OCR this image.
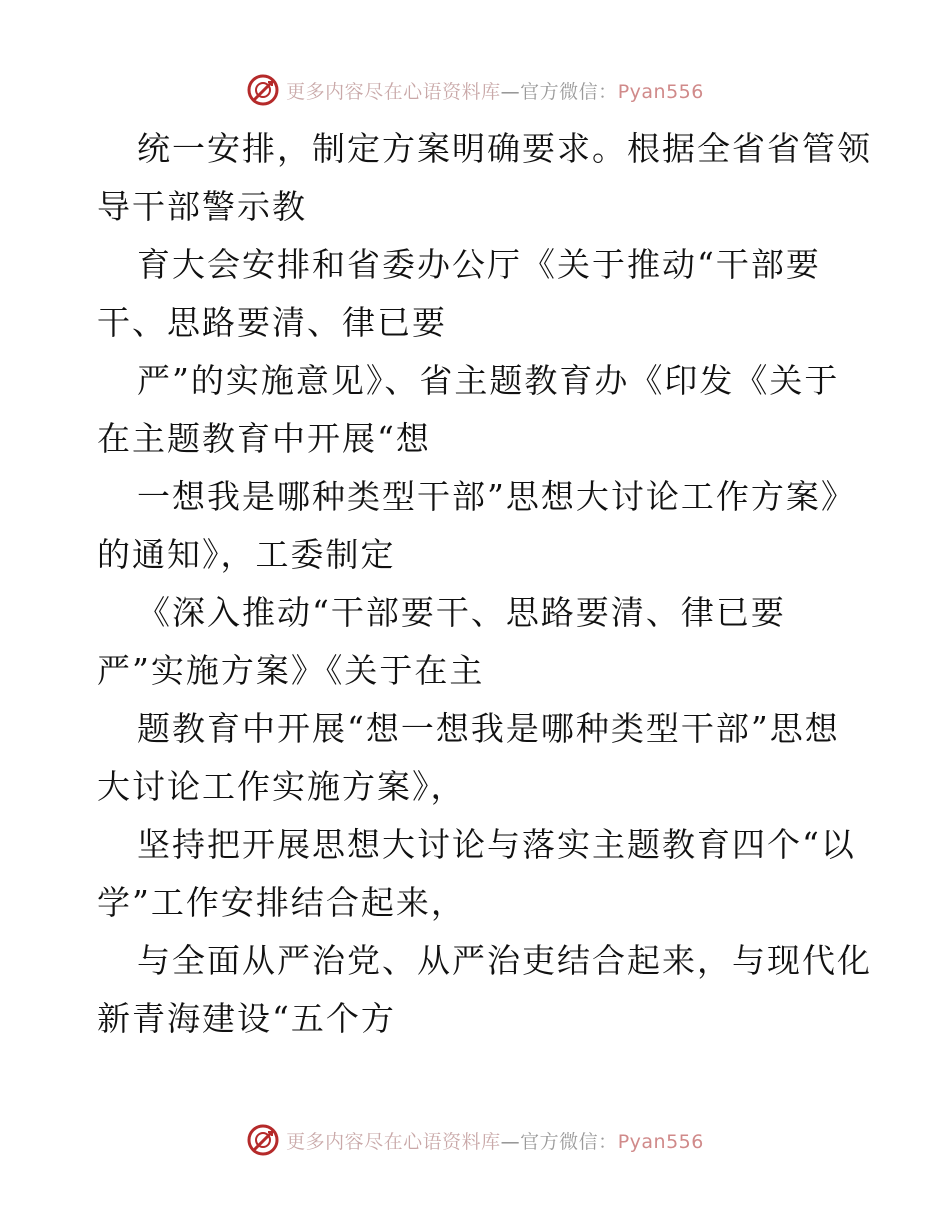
更多内容尽在心语资料库—官方微信：Pyan556

统一安排，制定方案明确要求。根据全省省管领
导干部警示教

育大会安排和省委办公厅《关于推动“干部要
干、思路要清、律已要

严”的实施意见》、省主题教育办《印发《关于
在主题教育中开展“想

一想我是哪种类型干部”思想大讨论工作方案》
的通知》，工委制定

《深入推动“干部要干、思路要清、律已要
严”实施方案》《关于在主

题教育中开展“想一想我是哪种类型干部”思想
大讨论工作实施方案》，

坚持把开展思想大讨论与落实主题教育四个“以
学”工作安排结合起来，

与全面从严治党、从严治吏结合起来，与现代化
新青海建设“五个方

更多内容尽在心语资料库—官方微信：Pyan556
